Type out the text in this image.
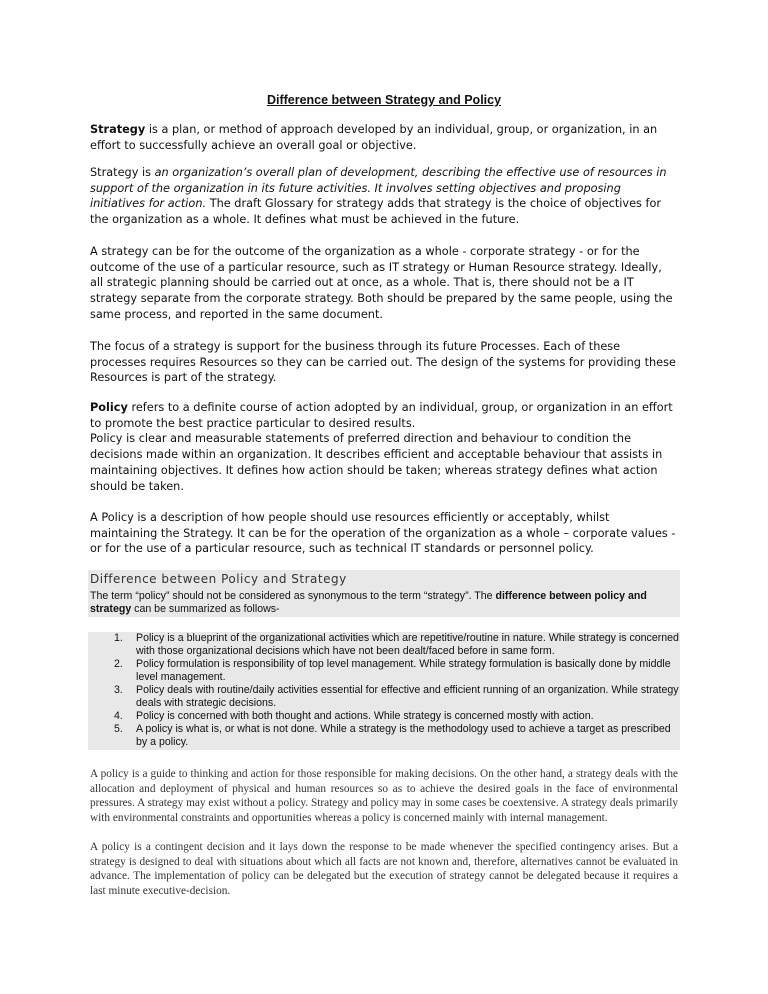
Difference between Strategy and Policy

Strategy is a plan, or method of approach developed by an individual, group, or organization, in an effort to successfully achieve an overall goal or objective.

Strategy is an organization’s overall plan of development, describing the effective use of resources in support of the organization in its future activities. It involves setting objectives and proposing initiatives for action. The draft Glossary for strategy adds that strategy is the choice of objectives for the organization as a whole. It defines what must be achieved in the future.

A strategy can be for the outcome of the organization as a whole - corporate strategy - or for the outcome of the use of a particular resource, such as IT strategy or Human Resource strategy. Ideally, all strategic planning should be carried out at once, as a whole. That is, there should not be a IT strategy separate from the corporate strategy. Both should be prepared by the same people, using the same process, and reported in the same document.

The focus of a strategy is support for the business through its future Processes. Each of these processes requires Resources so they can be carried out. The design of the systems for providing these Resources is part of the strategy.

Policy refers to a definite course of action adopted by an individual, group, or organization in an effort to promote the best practice particular to desired results.
Policy is clear and measurable statements of preferred direction and behaviour to condition the decisions made within an organization. It describes efficient and acceptable behaviour that assists in maintaining objectives. It defines how action should be taken; whereas strategy defines what action should be taken.

A Policy is a description of how people should use resources efficiently or acceptably, whilst maintaining the Strategy. It can be for the operation of the organization as a whole – corporate values - or for the use of a particular resource, such as technical IT standards or personnel policy.

Difference between Policy and Strategy

The term “policy” should not be considered as synonymous to the term “strategy”. The difference between policy and strategy can be summarized as follows-

1. Policy is a blueprint of the organizational activities which are repetitive/routine in nature. While strategy is concerned with those organizational decisions which have not been dealt/faced before in same form.
2. Policy formulation is responsibility of top level management. While strategy formulation is basically done by middle level management.
3. Policy deals with routine/daily activities essential for effective and efficient running of an organization. While strategy deals with strategic decisions.
4. Policy is concerned with both thought and actions. While strategy is concerned mostly with action.
5. A policy is what is, or what is not done. While a strategy is the methodology used to achieve a target as prescribed by a policy.

A policy is a guide to thinking and action for those responsible for making decisions. On the other hand, a strategy deals with the allocation and deployment of physical and human resources so as to achieve the desired goals in the face of environmental pressures. A strategy may exist without a policy. Strategy and policy may in some cases be coextensive. A strategy deals primarily with environmental constraints and opportunities whereas a policy is concerned mainly with internal management.

A policy is a contingent decision and it lays down the response to be made whenever the specified contingency arises. But a strategy is designed to deal with situations about which all facts are not known and, therefore, alternatives cannot be evaluated in advance. The implementation of policy can be delegated but the execution of strategy cannot be delegated because it requires a last minute executive-decision.
